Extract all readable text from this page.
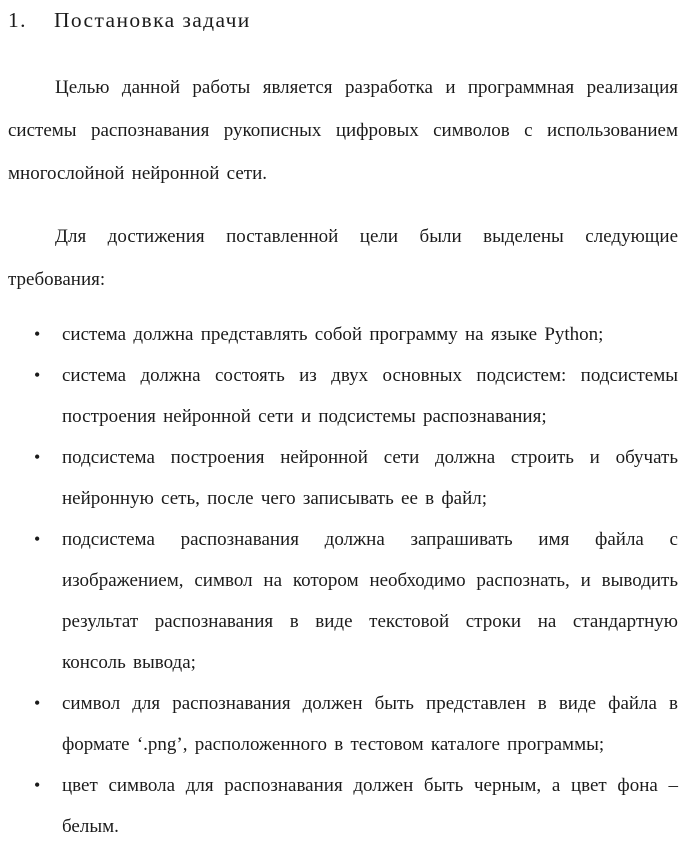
1. Постановка задачи

Целью данной работы является разработка и программная реализация системы распознавания рукописных цифровых символов с использованием многослойной нейронной сети.

Для достижения поставленной цели были выделены следующие требования:

• система должна представлять собой программу на языке Python;
• система должна состоять из двух основных подсистем: подсистемы построения нейронной сети и подсистемы распознавания;
• подсистема построения нейронной сети должна строить и обучать нейронную сеть, после чего записывать ее в файл;
• подсистема распознавания должна запрашивать имя файла с изображением, символ на котором необходимо распознать, и выводить результат распознавания в виде текстовой строки на стандартную консоль вывода;
• символ для распознавания должен быть представлен в виде файла в формате ‘.png’, расположенного в тестовом каталоге программы;
• цвет символа для распознавания должен быть черным, а цвет фона – белым.
